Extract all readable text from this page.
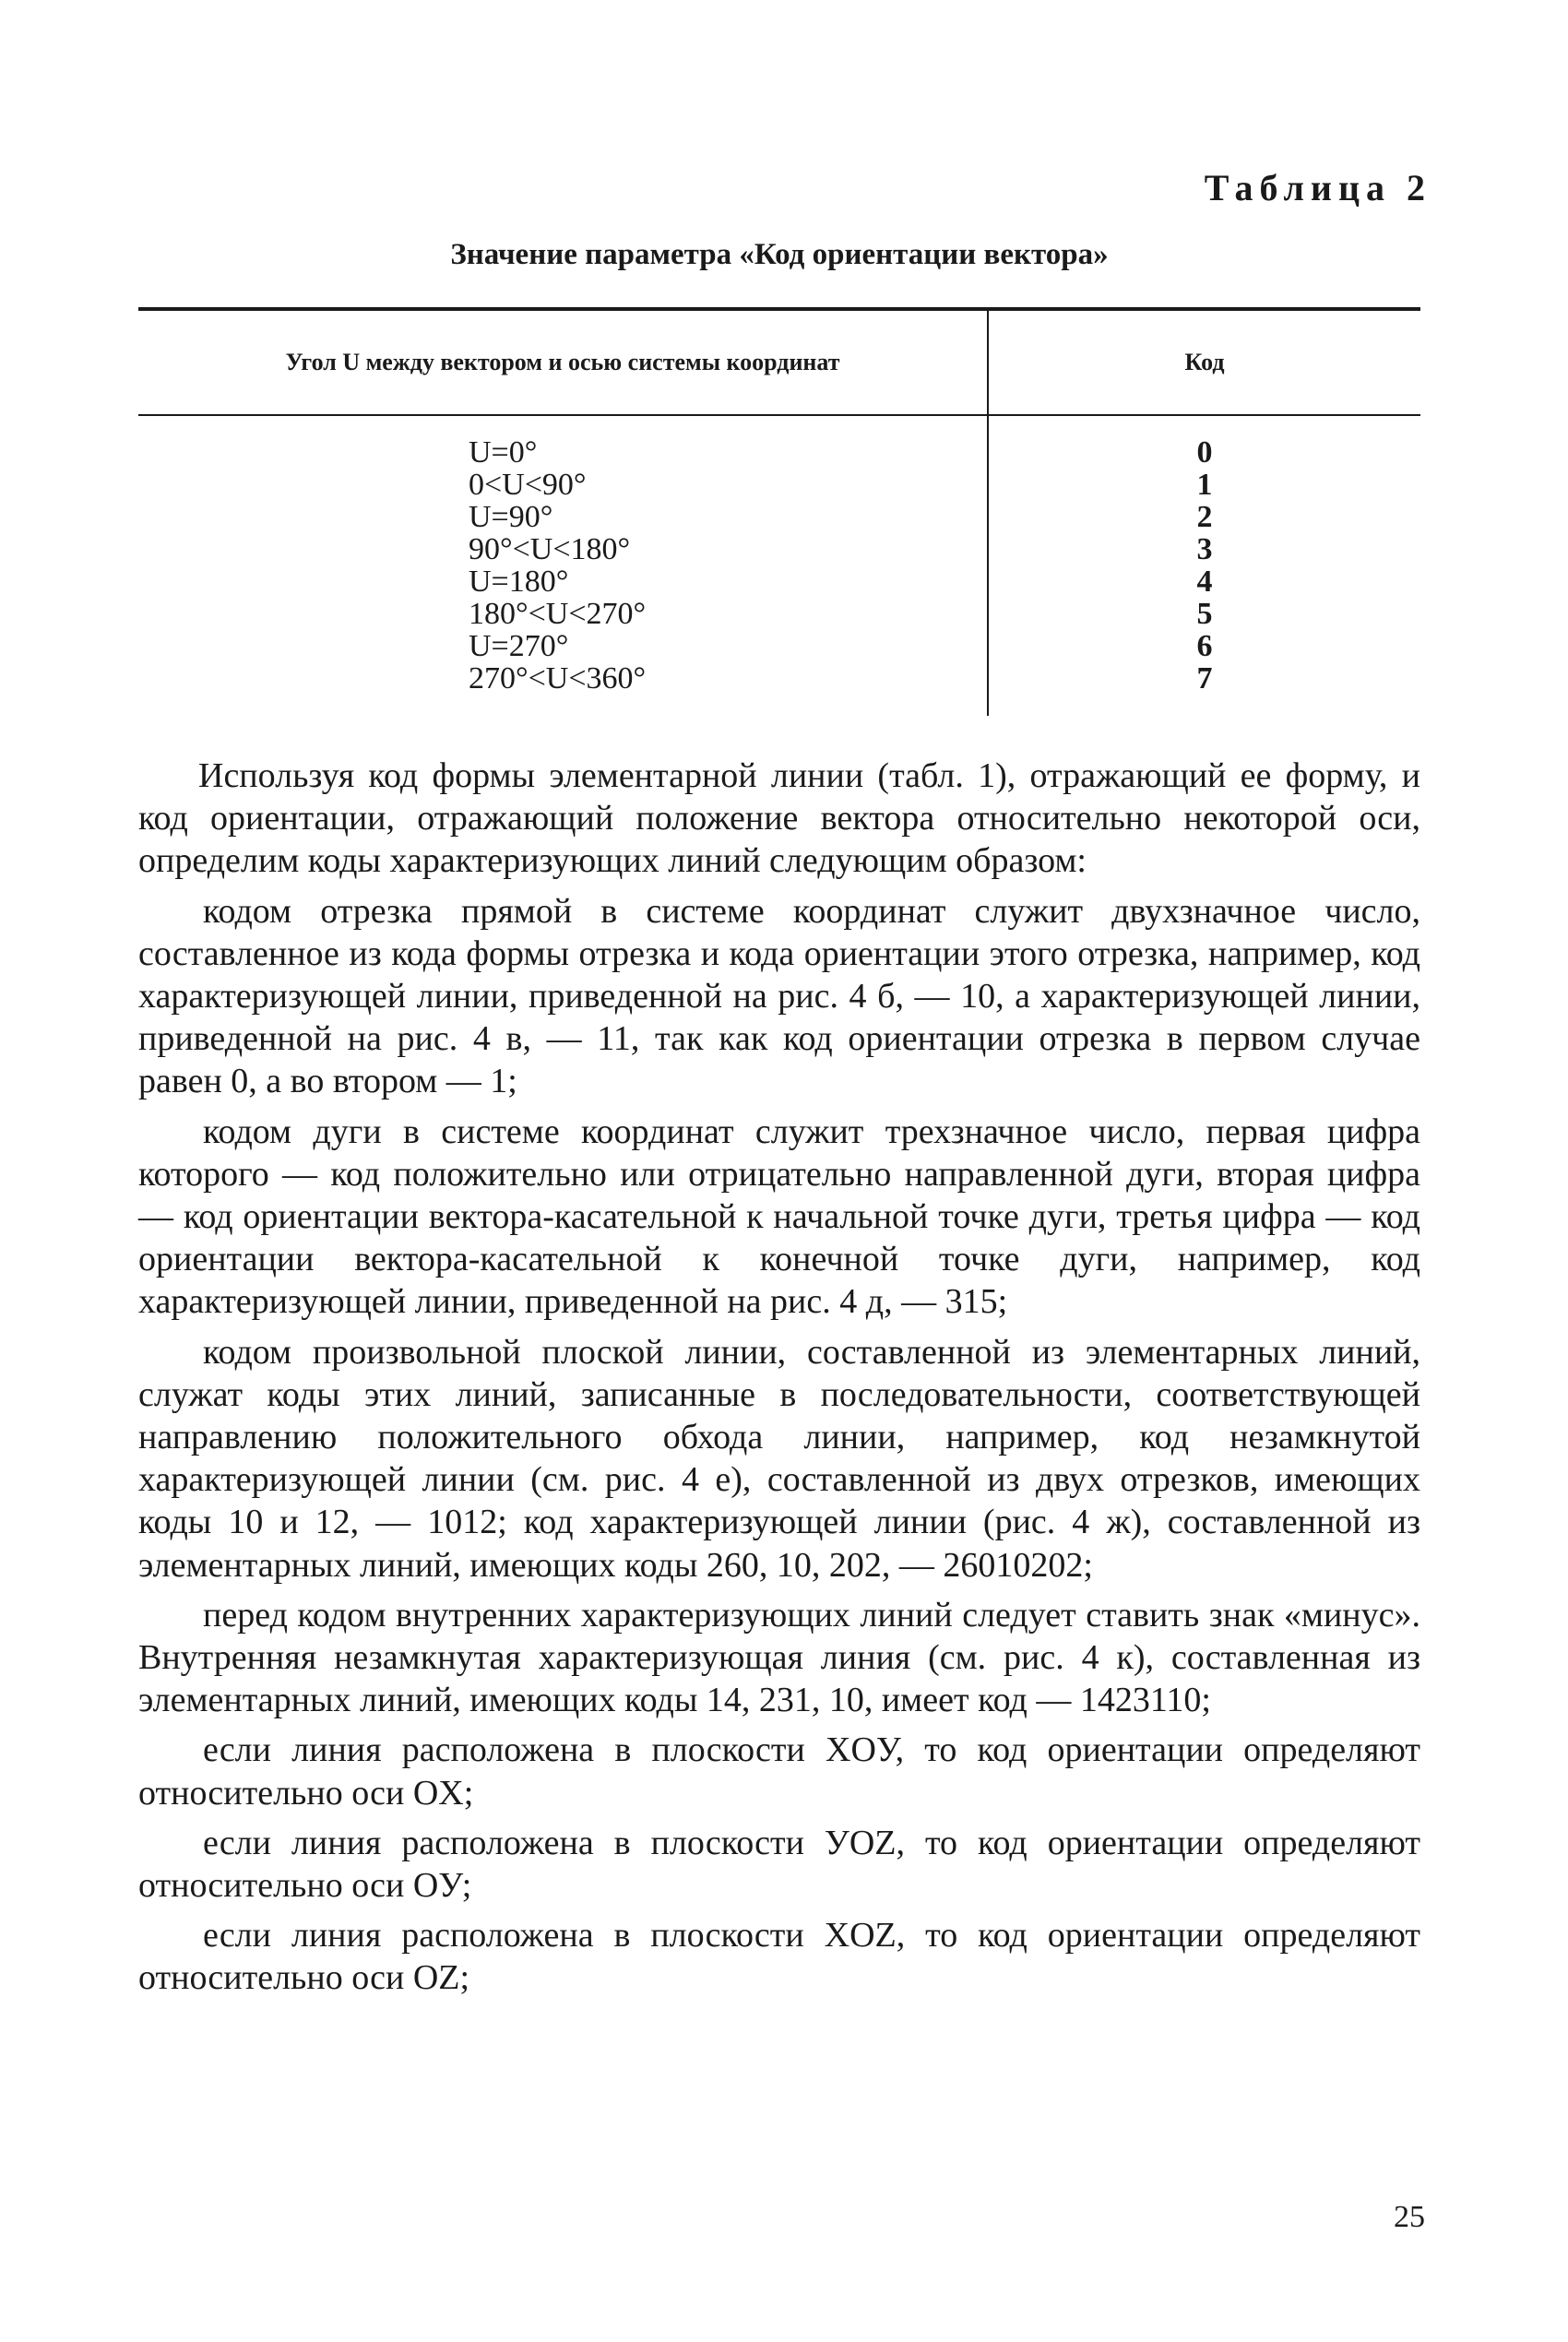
Таблица 2
Значение параметра «Код ориентации вектора»
Угол U между вектором и осью системы координат	Код
U=0°
0<U<90°
U=90°
90°<U<180°
U=180°
180°<U<270°
U=270°
270°<U<360°
0
1
2
3
4
5
6
7

Используя код формы элементарной линии (табл. 1), отражающий ее форму, и код ориентации, отражающий положение вектора относительно некоторой оси, определим коды характеризующих линий следующим образом:

кодом отрезка прямой в системе координат служит двухзначное число, составленное из кода формы отрезка и кода ориентации этого отрезка, например, код характеризующей линии, приведенной на рис. 4 б, — 10, а характеризующей линии, приведенной на рис. 4 в, — 11, так как код ориентации отрезка в первом случае равен 0, а во втором — 1;

кодом дуги в системе координат служит трехзначное число, первая цифра которого — код положительно или отрицательно направленной дуги, вторая цифра — код ориентации вектора-касательной к начальной точке дуги, третья цифра — код ориентации вектора-касательной к конечной точке дуги, например, код характеризующей линии, приведенной на рис. 4 д, — 315;

кодом произвольной плоской линии, составленной из элементарных линий, служат коды этих линий, записанные в последовательности, соответствующей направлению положительного обхода линии, например, код незамкнутой характеризующей линии (см. рис. 4 е), составленной из двух отрезков, имеющих коды 10 и 12, — 1012; код характеризующей линии (рис. 4 ж), составленной из элементарных линий, имеющих коды 260, 10, 202, — 26010202;

перед кодом внутренних характеризующих линий следует ставить знак «минус». Внутренняя незамкнутая характеризующая линия (см. рис. 4 к), составленная из элементарных линий, имеющих коды 14, 231, 10, имеет код — 1423110;

если линия расположена в плоскости XOУ, то код ориентации определяют относительно оси OX;

если линия расположена в плоскости УOZ, то код ориентации определяют относительно оси OУ;

если линия расположена в плоскости XOZ, то код ориентации определяют относительно оси OZ;

25
